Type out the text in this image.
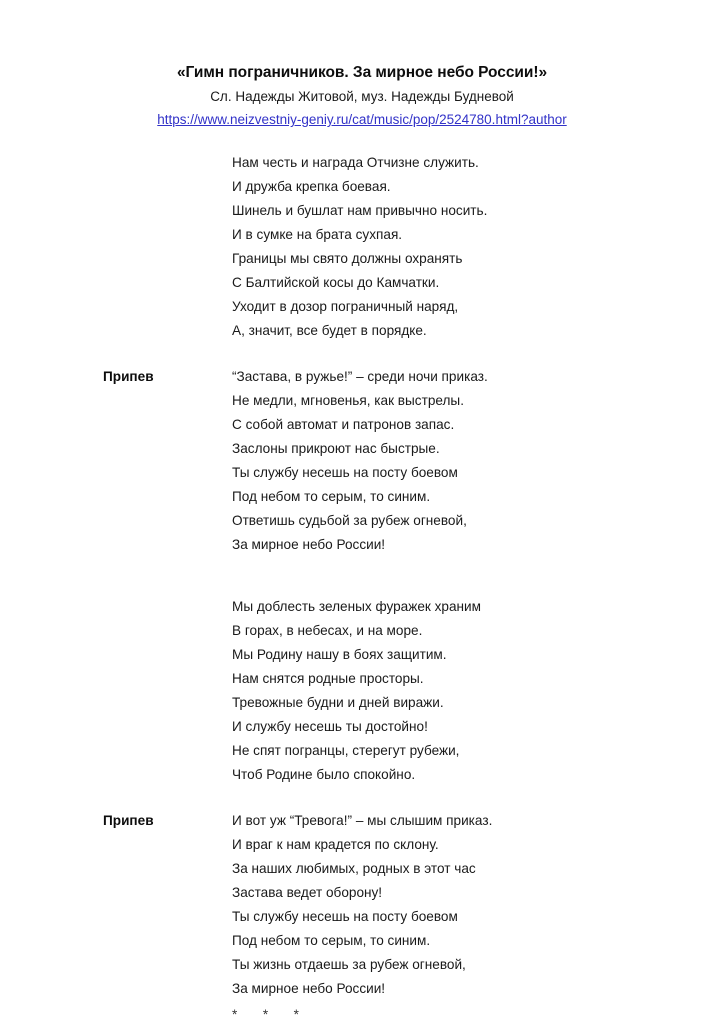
«Гимн пограничников. За мирное небо России!»

Сл. Надежды Житовой, муз. Надежды Будневой

https://www.neizvestniy-geniy.ru/cat/music/pop/2524780.html?author

Нам честь и награда Отчизне служить.
И дружба крепка боевая.
Шинель и бушлат нам привычно носить.
И в сумке на брата сухпая.
Границы мы свято должны охранять
С Балтийской косы до Камчатки.
Уходит в дозор пограничный наряд,
А, значит, все будет в порядке.
Припев	“Застава, в ружье!” – среди ночи приказ.
Не медли, мгновенья, как выстрелы.
С собой автомат и патронов запас.
Заслоны прикроют нас быстрые.
Ты службу несешь на посту боевом
Под небом то серым, то синим.
Ответишь судьбой за рубеж огневой,
За мирное небо России!
Мы доблесть зеленых фуражек храним
В горах, в небесах, и на море.
Мы Родину нашу в боях защитим.
Нам снятся родные просторы.
Тревожные будни и дней виражи.
И службу несешь ты достойно!
Не спят погранцы, стерегут рубежи,
Чтоб Родине было спокойно.
Припев	И вот уж “Тревога!” – мы слышим приказ.
И враг к нам крадется по склону.
За наших любимых, родных в этот час
Застава ведет оборону!
Ты службу несешь на посту боевом
Под небом то серым, то синим.
Ты жизнь отдаешь за рубеж огневой,
За мирное небо России!
*  *  *
